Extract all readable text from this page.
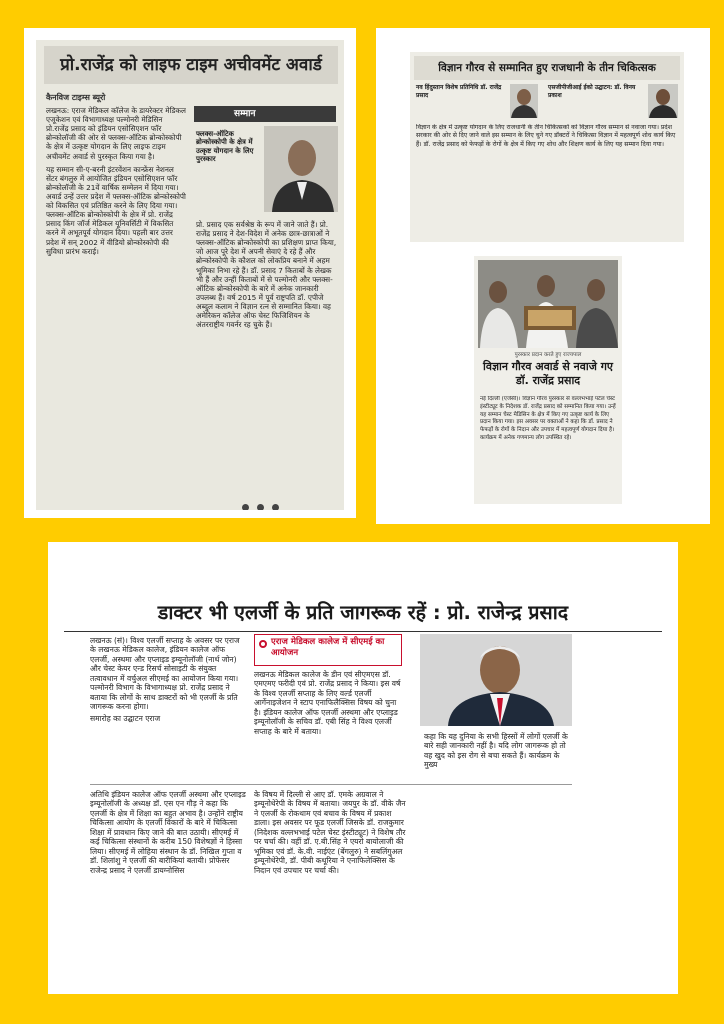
प्रो.राजेंद्र को लाइफ टाइम अचीवमेंट अवार्ड
कैनविज टाइम्स ब्यूरो
सम्मान
फ्लक्स-ऑटिक ब्रोन्कोस्कोपी के क्षेत्र में उत्कृष्ट योगदान के लिए पुरस्कार

लखनऊ: एराज मेडिकल कॉलेज के डायरेक्टर मेडिकल एजूकेशन एवं विभागाध्यक्ष पल्मोनरी मेडिसिन प्रो.राजेंद्र प्रसाद को इंडियन एसोसिएशन फॉर ब्रोन्कोलॉजी की ओर से फ्लक्स-ऑटिक ब्रोन्कोस्कोपी के क्षेत्र में उत्कृष्ट योगदान के लिए लाइफ टाइम अचीवमेंट अवार्ड से पुरस्कृत किया गया है।

यह सम्मान सी-ए-बरनी इंटरवेंशन कान्फ्रेंस नेशनल सेंटर बंगलुरु में आयोजित इंडियन एसोसिएशन फॉर ब्रोन्कोलॉजी के 21वें वार्षिक सम्मेलन में दिया गया। अवार्ड उन्हें उत्तर प्रदेश में फ्लक्स-ऑटिक ब्रोन्कोस्कोपी को विकसित एवं प्रतिष्ठित करने के लिए दिया गया। फ्लक्स-ऑटिक ब्रोन्कोस्कोपी के क्षेत्र में प्रो. राजेंद्र प्रसाद किंग जॉर्ज मेडिकल यूनिवर्सिटी में विकसित करने में अभूतपूर्व योगदान दिया। पहली बार उत्तर प्रदेश में सन् 2002 में वीडियो ब्रोन्कोस्कोपी की सुविधा प्रारंभ कराई।

प्रो. प्रसाद एक सर्वश्रेष्ठ के रूप में जाने जाते हैं। प्रो. राजेंद्र प्रसाद ने देश-विदेश में अनेक छात्र-छात्राओं ने फ्लक्स-ऑटिक ब्रोन्कोस्कोपी का प्रशिक्षण प्राप्त किया, जो आज पूरे देश में अपनी सेवाएं दे रहे हैं और ब्रोन्कोस्कोपी के कौशल को लोकप्रिय बनाने में अहम भूमिका निभा रहे हैं। डॉ. प्रसाद 7 किताबों के लेखक भी हैं और उन्हीं किताबों में से पल्मोनरी और फ्लक्स-ऑटिक ब्रोन्कोस्कोपी के बारे में अनेक जानकारी उपलब्ध हैं। वर्ष 2015 में पूर्व राष्ट्रपति डॉ. एपीजे अब्दुल कलाम ने विज्ञान रत्न से सम्मानित किया। वह अमेरिकन कॉलेज ऑफ चेस्ट फिजिशियन के अंतरराष्ट्रीय गवर्नर रह चुके हैं।

विज्ञान गौरव से सम्मानित हुए राजधानी के तीन चिकित्सक
नव हिंदुस्तान विशेष प्रतिनिधि डॉ. राजेंद्र प्रसाद
एसजीपीजीआई ईको उद्घाटन: डॉ. विनय प्रकाश
विज्ञान के क्षेत्र में उत्कृष्ट योगदान के लिए राजधानी के तीन चिकित्सकों को विज्ञान गौरव सम्मान से नवाजा गया। प्रदेश सरकार की ओर से दिए जाने वाले इस सम्मान के लिए चुने गए डॉक्टरों ने चिकित्सा विज्ञान में महत्वपूर्ण शोध कार्य किए हैं। डॉ. राजेंद्र प्रसाद को फेफड़ों के रोगों के क्षेत्र में किए गए शोध और शिक्षण कार्य के लिए यह सम्मान दिया गया।
पुरस्कार प्रदान करते हुए राज्यपाल
विज्ञान गौरव अवार्ड से नवाजे गए डॉ. राजेंद्र प्रसाद
नई दिल्ली (एजेंसी)। विज्ञान गौरव पुरस्कार से वल्लभभाई पटेल चेस्ट इंस्टीट्यूट के निदेशक डॉ. राजेंद्र प्रसाद को सम्मानित किया गया। उन्हें यह सम्मान चेस्ट मेडिसिन के क्षेत्र में किए गए उत्कृष्ट कार्य के लिए प्रदान किया गया। इस अवसर पर वक्ताओं ने कहा कि डॉ. प्रसाद ने फेफड़ों के रोगों के निदान और उपचार में महत्वपूर्ण योगदान दिया है। कार्यक्रम में अनेक गणमान्य लोग उपस्थित रहे।
डाक्टर भी एलर्जी के प्रति जागरूक रहें : प्रो. राजेन्द्र प्रसाद

लखनऊ (सं)। विश्व एलर्जी सप्ताह के अवसर पर एराज के लखनऊ मेडिकल कालेज, इंडियन कालेज ऑफ एलर्जी, अस्थमा और एप्लाइड इम्यूनोलॉजी (नार्थ जोन) और चेस्ट केयर एन्ड रिसर्च सोसाइटी के संयुक्त तत्वावधान में वर्चुअल सीएमई का आयोजन किया गया। पल्मोनरी विभाग के विभागाध्यक्ष प्रो. राजेंद्र प्रसाद ने बताया कि लोगों के साथ डाक्टरों को भी एलर्जी के प्रति जागरूक करना होगा।

समारोह का उद्घाटन एराज

एराज मेडिकल कालेज में सीएमई का आयोजन

लखनऊ मेडिकल कालेज के डीन एवं सीएमएस डॉ. एमएमए फरीदी एवं प्रो. राजेंद्र प्रसाद ने किया। इस वर्ष के विश्व एलर्जी सप्ताह के लिए वर्ल्ड एलर्जी आर्गेनाइजेशन ने स्टाप एनाफिलैक्सिस विषय को चुना है। इंडियन कालेज ऑफ एलर्जी अस्थमा और एप्लाइड इम्यूनोलॉजी के सचिव डॉ. एबी सिंह ने विश्व एलर्जी सप्ताह के बारे में बताया।

कहा कि यह दुनिया के सभी हिस्सों में लोगों एलर्जी के बारे सही जानकारी नहीं है। यदि लोग जागरूक हो तो वह खुद को इस रोग से बचा सकते हैं। कार्यक्रम के मुख्य

अतिथि इंडियन कालेज ऑफ एलर्जी अस्थमा और एप्लाइड इम्यूनोलॉजी के अध्यक्ष डॉ. एस एन गौड़ ने कहा कि एलर्जी के क्षेत्र में शिक्षा का बहुत अभाव है। उन्होंने राष्ट्रीय चिकित्सा आयोग के एलर्जी विकारों के बारे में चिकित्सा शिक्षा में प्रावधान किए जाने की बात उठायी। सीएमई में कई चिकित्सा संस्थानों के करीब 150 विशेषज्ञों ने हिस्सा लिया। सीएमई में लोहिया संस्थान के डॉ. निखिल गुप्ता व डॉ. शिलांशु ने एलर्जी की बारीकियां बतायी। प्रोफेसर राजेन्द्र प्रसाद ने एलर्जी डायग्नोसिस

के विषय में दिल्ली से आए डॉ. एमके अग्रवाल ने इम्यूनोथेरेपी के विषय में बताया। जयपुर के डॉ. वीके जैन ने एलर्जी के रोकथाम एवं बचाव के विषय में प्रकाश डाला। इस अवसर पर फूड एलर्जी जिसके डॉ. राजकुमार (निदेशक वल्लभभाई पटेल चेस्ट इंस्टीट्यूट) ने विशेष तौर पर चर्चा की। वहीं डॉ. ए.बी.सिंह ने एयरो बायोलाजी की भूमिका एवं डॉ. के.वी. नाईएंट (बेंगलुरु) ने सबलिंगुअल इम्यूनोथेरेपी, डॉ. पीबी कथूरिया ने एनाफिलेक्सिस के निदान एवं उपचार पर चर्चा की।
